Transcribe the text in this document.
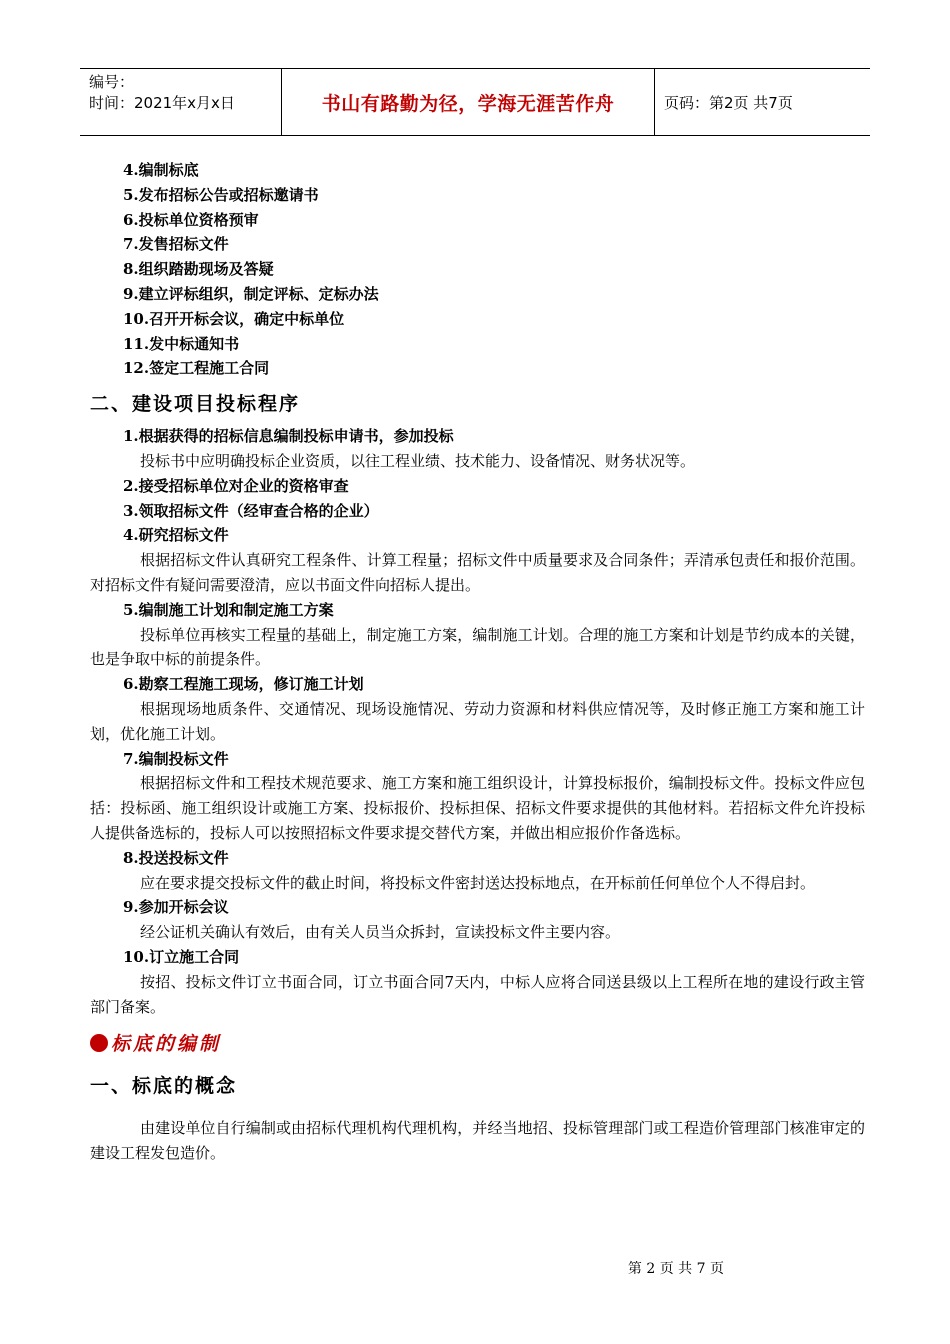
编号：
时间：2021年x月x日	书山有路勤为径，学海无涯苦作舟	页码：第2页 共7页
4.编制标底
5.发布招标公告或招标邀请书
6.投标单位资格预审
7.发售招标文件
8.组织踏勘现场及答疑
9.建立评标组织，制定评标、定标办法
10.召开开标会议，确定中标单位
11.发中标通知书
12.签定工程施工合同
二、建设项目投标程序
1.根据获得的招标信息编制投标申请书，参加投标
投标书中应明确投标企业资质，以往工程业绩、技术能力、设备情况、财务状况等。
2.接受招标单位对企业的资格审查
3.领取招标文件（经审查合格的企业）
4.研究招标文件
根据招标文件认真研究工程条件、计算工程量；招标文件中质量要求及合同条件；弄清承包责任和报价范围。对招标文件有疑问需要澄清，应以书面文件向招标人提出。
5.编制施工计划和制定施工方案
投标单位再核实工程量的基础上，制定施工方案，编制施工计划。合理的施工方案和计划是节约成本的关键，也是争取中标的前提条件。
6.勘察工程施工现场，修订施工计划
根据现场地质条件、交通情况、现场设施情况、劳动力资源和材料供应情况等，及时修正施工方案和施工计划，优化施工计划。
7.编制投标文件
根据招标文件和工程技术规范要求、施工方案和施工组织设计，计算投标报价，编制投标文件。投标文件应包括：投标函、施工组织设计或施工方案、投标报价、投标担保、招标文件要求提供的其他材料。若招标文件允许投标人提供备选标的，投标人可以按照招标文件要求提交替代方案，并做出相应报价作备选标。
8.投送投标文件
应在要求提交投标文件的截止时间，将投标文件密封送达投标地点，在开标前任何单位个人不得启封。
9.参加开标会议
经公证机关确认有效后，由有关人员当众拆封，宣读投标文件主要内容。
10.订立施工合同
按招、投标文件订立书面合同，订立书面合同7天内，中标人应将合同送县级以上工程所在地的建设行政主管部门备案。
标底的编制
一、标底的概念
由建设单位自行编制或由招标代理机构代理机构，并经当地招、投标管理部门或工程造价管理部门核准审定的建设工程发包造价。
第 2 页 共 7 页
